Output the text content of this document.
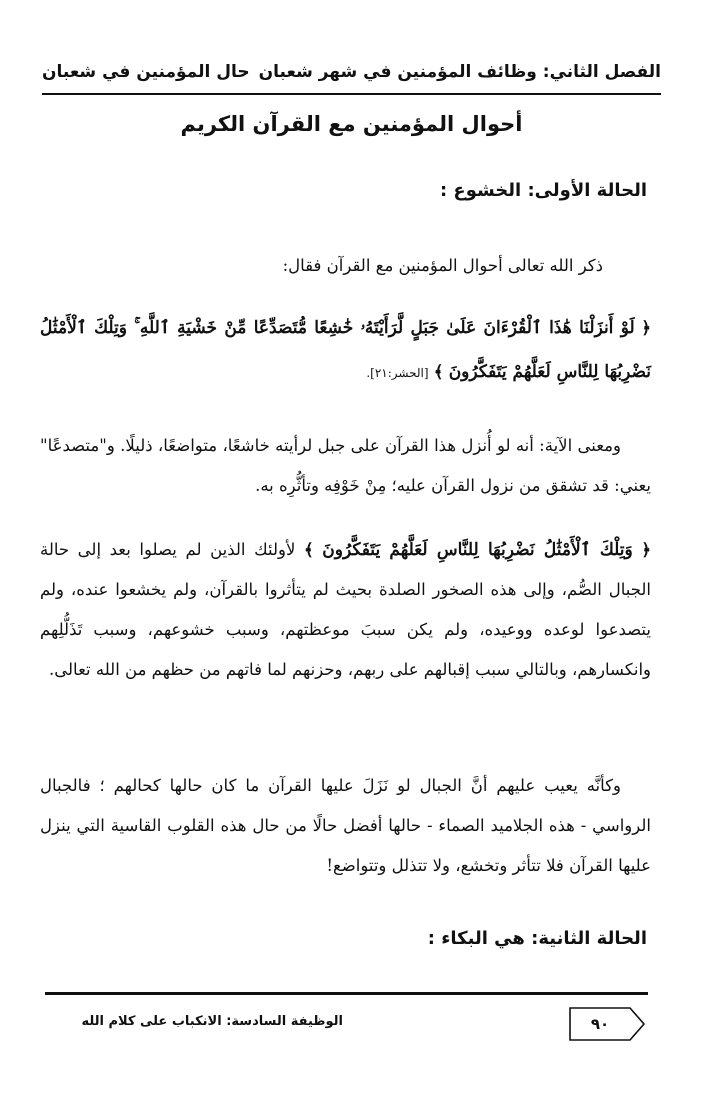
الفصل الثاني: وظائف المؤمنين في شهر شعبان
حال المؤمنين في شعبان
أحوال المؤمنين مع القرآن الكريم
الحالة الأولى: الخشوع :
ذكر الله تعالى أحوال المؤمنين مع القرآن فقال:
﴿ لَوْ أَنزَلْنَا هَٰذَا ٱلْقُرْءَانَ عَلَىٰ جَبَلٍ لَّرَأَيْتَهُۥ خَٰشِعًا مُّتَصَدِّعًا مِّنْ خَشْيَةِ ٱللَّهِ ۚ وَتِلْكَ ٱلْأَمْثَٰلُ نَضْرِبُهَا لِلنَّاسِ لَعَلَّهُمْ يَتَفَكَّرُونَ ﴾ [الحشر:٢١].
ومعنى الآية: أنه لو أُنزل هذا القرآن على جبل لرأيته خاشعًا، متواضعًا، ذليلًا. و"متصدعًا" يعني: قد تشقق من نزول القرآن عليه؛ مِنْ خَوْفِه وتأثُّرِه به.
﴿ وَتِلْكَ ٱلْأَمْثَٰلُ نَضْرِبُهَا لِلنَّاسِ لَعَلَّهُمْ يَتَفَكَّرُونَ ﴾ لأولئك الذين لم يصلوا بعد إلى حالة الجبال الصُّم، وإلى هذه الصخور الصلدة بحيث لم يتأثروا بالقرآن، ولم يخشعوا عنده، ولم يتصدعوا لوعده ووعيده، ولم يكن سببَ موعظتهم، وسبب خشوعهم، وسبب تَذَلُّلِهم وانكسارهم، وبالتالي سبب إقبالهم على ربهم، وحزنهم لما فاتهم من حظهم من الله تعالى.
وكأنَّه يعيب عليهم أنَّ الجبال لو نَزَلَ عليها القرآن ما كان حالها كحالهم ؛ فالجبال الرواسي - هذه الجلاميد الصماء - حالها أفضل حالًا من حال هذه القلوب القاسية التي ينزل عليها القرآن فلا تتأثر وتخشع، ولا تتذلل وتتواضع!
الحالة الثانية: هي البكاء :
الوظيفة السادسة: الانكباب على كلام الله	٩٠
